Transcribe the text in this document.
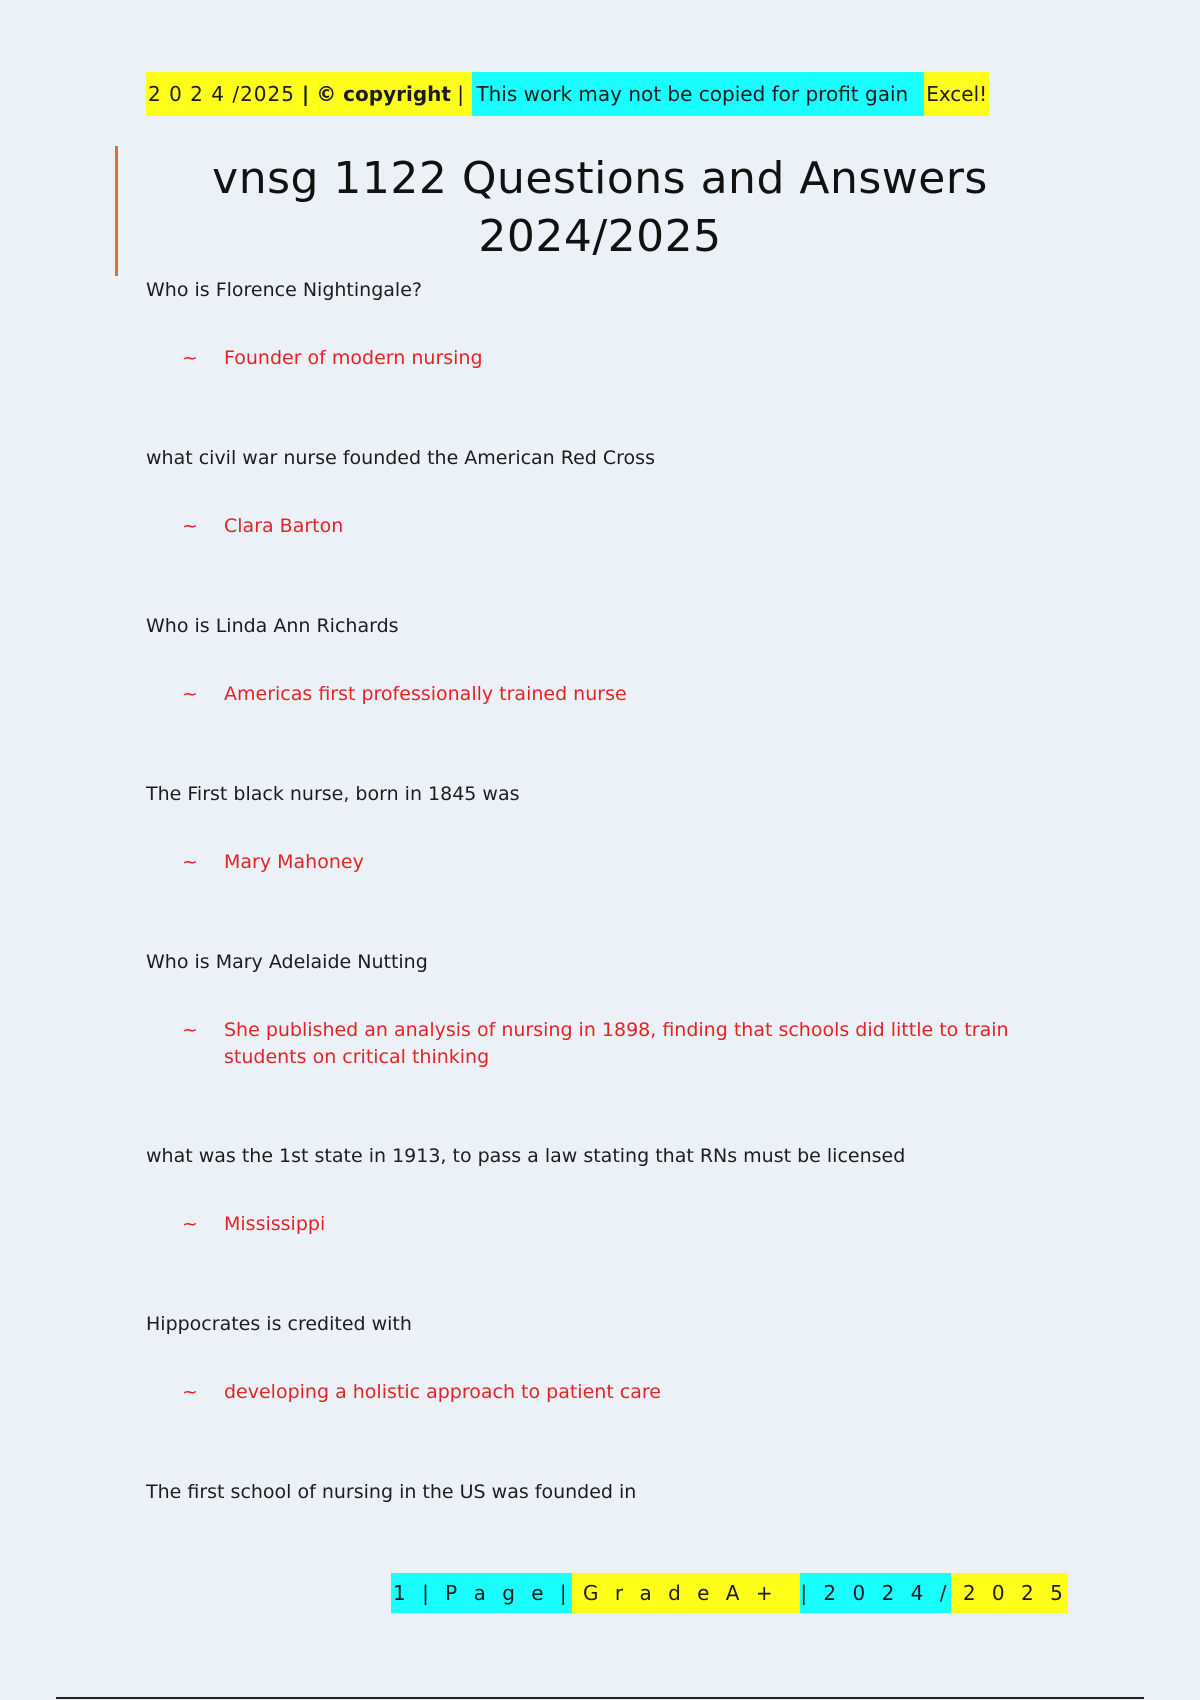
2 0 2 4 /2025 | © copyright | This work may not be copied for profit gain Excel!
vnsg 1122 Questions and Answers
2024/2025
Who is Florence Nightingale?
~	Founder of modern nursing
what civil war nurse founded the American Red Cross
~	Clara Barton
Who is Linda Ann Richards
~	Americas first professionally trained nurse
The First black nurse, born in 1845 was
~	Mary Mahoney
Who is Mary Adelaide Nutting
~	She published an analysis of nursing in 1898, finding that schools did little to train students on critical thinking
what was the 1st state in 1913, to pass a law stating that RNs must be licensed
~	Mississippi
Hippocrates is credited with
~	developing a holistic approach to patient care
The first school of nursing in the US was founded in
1 | P a g e | G r a d e A + | 2 0 2 4 / 2 0 2 5
